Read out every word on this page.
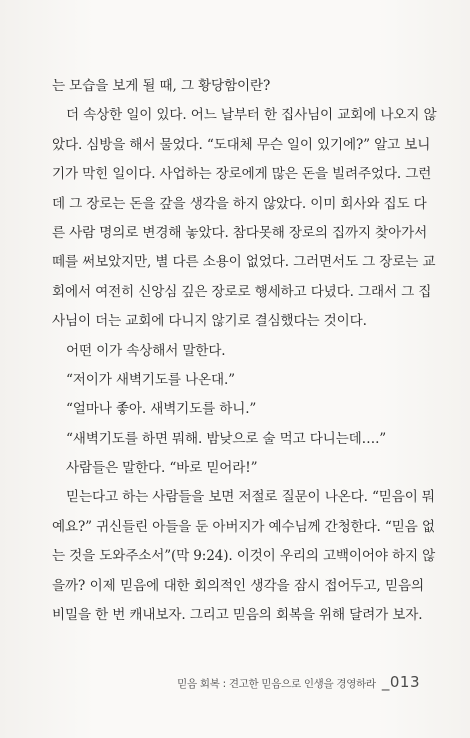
는 모습을 보게 될 때, 그 황당함이란?
더 속상한 일이 있다. 어느 날부터 한 집사님이 교회에 나오지 않
았다. 심방을 해서 물었다. “도대체 무슨 일이 있기에?” 알고 보니
기가 막힌 일이다. 사업하는 장로에게 많은 돈을 빌려주었다. 그런
데 그 장로는 돈을 갚을 생각을 하지 않았다. 이미 회사와 집도 다
른 사람 명의로 변경해 놓았다. 참다못해 장로의 집까지 찾아가서
떼를 써보았지만, 별 다른 소용이 없었다. 그러면서도 그 장로는 교
회에서 여전히 신앙심 깊은 장로로 행세하고 다녔다. 그래서 그 집
사님이 더는 교회에 다니지 않기로 결심했다는 것이다.
어떤 이가 속상해서 말한다.
“저이가 새벽기도를 나온대.”
“얼마나 좋아. 새벽기도를 하니.”
“새벽기도를 하면 뭐해. 밤낮으로 술 먹고 다니는데….”
사람들은 말한다. “바로 믿어라!”
믿는다고 하는 사람들을 보면 저절로 질문이 나온다. “믿음이 뭐
예요?” 귀신들린 아들을 둔 아버지가 예수님께 간청한다. “믿음 없
는 것을 도와주소서”(막 9:24). 이것이 우리의 고백이어야 하지 않
을까? 이제 믿음에 대한 회의적인 생각을 잠시 접어두고, 믿음의
비밀을 한 번 캐내보자. 그리고 믿음의 회복을 위해 달려가 보자.
믿음 회복 : 견고한 믿음으로 인생을 경영하라 _013
